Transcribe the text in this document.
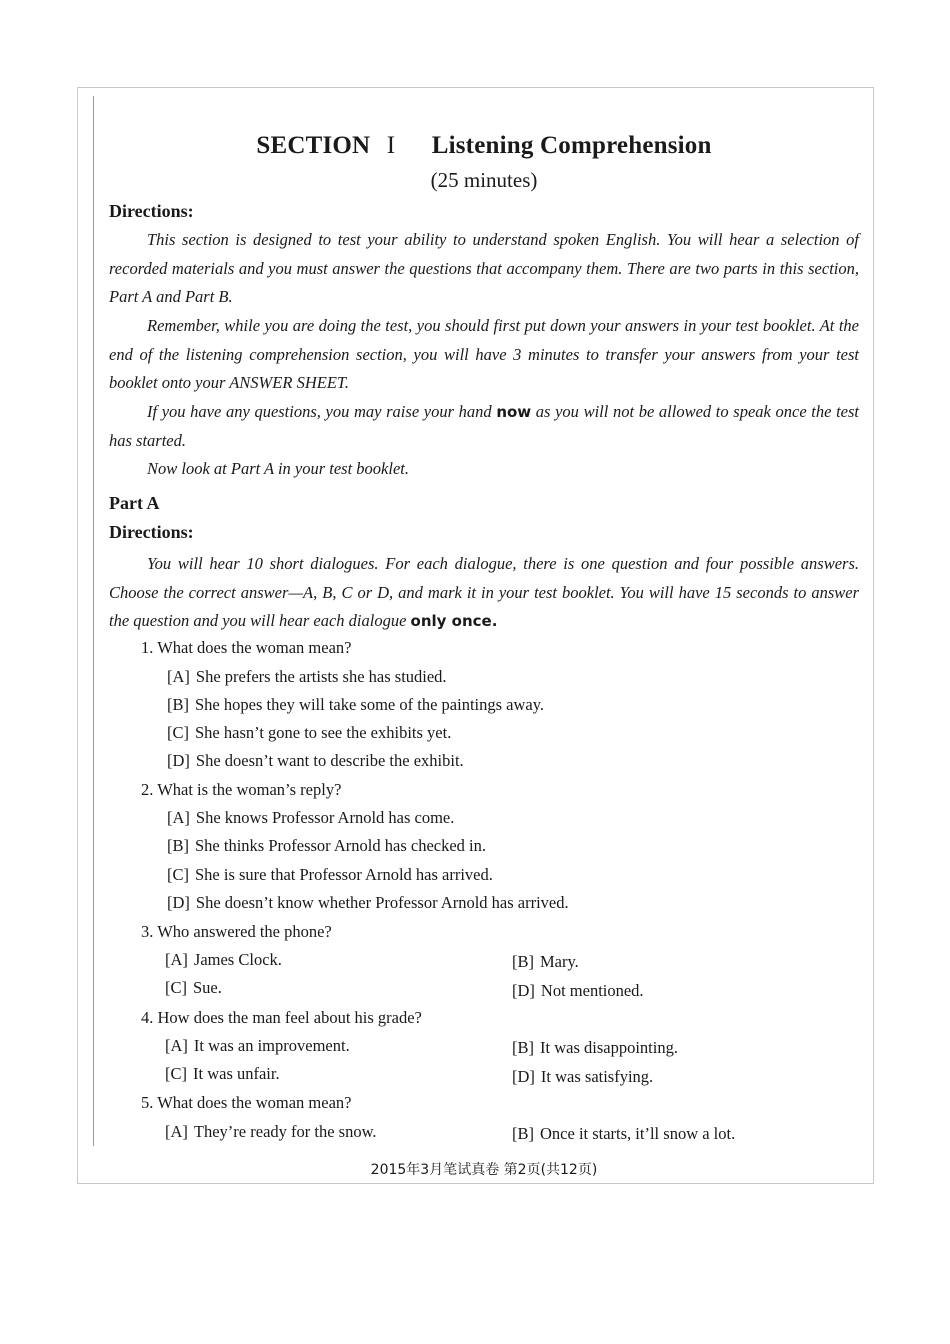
SECTION I Listening Comprehension
(25 minutes)
Directions:

This section is designed to test your ability to understand spoken English. You will hear a selection of recorded materials and you must answer the questions that accompany them. There are two parts in this section, Part A and Part B.

Remember, while you are doing the test, you should first put down your answers in your test booklet. At the end of the listening comprehension section, you will have 3 minutes to transfer your answers from your test booklet onto your ANSWER SHEET.

If you have any questions, you may raise your hand now as you will not be allowed to speak once the test has started.

Now look at Part A in your test booklet.

Part A
Directions:

You will hear 10 short dialogues. For each dialogue, there is one question and four possible answers. Choose the correct answer—A, B, C or D, and mark it in your test booklet. You will have 15 seconds to answer the question and you will hear each dialogue only once.

1. What does the woman mean?
[A] She prefers the artists she has studied.
[B] She hopes they will take some of the paintings away.
[C] She hasn’t gone to see the exhibits yet.
[D] She doesn’t want to describe the exhibit.
2. What is the woman’s reply?
[A] She knows Professor Arnold has come.
[B] She thinks Professor Arnold has checked in.
[C] She is sure that Professor Arnold has arrived.
[D] She doesn’t know whether Professor Arnold has arrived.
3. Who answered the phone?
[A] James Clock.	[B] Mary.
[C] Sue.	[D] Not mentioned.
4. How does the man feel about his grade?
[A] It was an improvement.	[B] It was disappointing.
[C] It was unfair.	[D] It was satisfying.
5. What does the woman mean?
[A] They’re ready for the snow.	[B] Once it starts, it’ll snow a lot.
2015年3月笔试真卷 第2页(共12页)
